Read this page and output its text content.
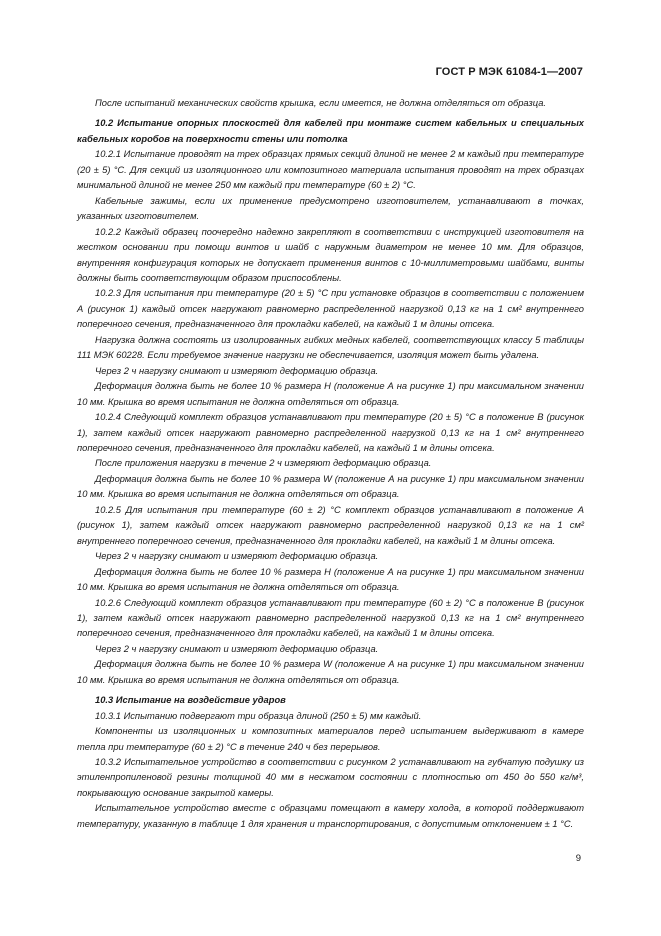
ГОСТ Р МЭК 61084-1—2007

После испытаний механических свойств крышка, если имеется, не должна отделяться от образца.

10.2 Испытание опорных плоскостей для кабелей при монтаже систем кабельных и специальных кабельных коробов на поверхности стены или потолка

10.2.1 Испытание проводят на трех образцах прямых секций длиной не менее 2 м каждый при температуре (20 ± 5) °С. Для секций из изоляционного или композитного материала испытания проводят на трех образцах минимальной длиной не менее 250 мм каждый при температуре (60 ± 2) °С.

Кабельные зажимы, если их применение предусмотрено изготовителем, устанавливают в точках, указанных изготовителем.

10.2.2 Каждый образец поочередно надежно закрепляют в соответствии с инструкцией изготовителя на жестком основании при помощи винтов и шайб с наружным диаметром не менее 10 мм. Для образцов, внутренняя конфигурация которых не допускает применения винтов с 10-миллиметровыми шайбами, винты должны быть соответствующим образом приспособлены.

10.2.3 Для испытания при температуре (20 ± 5) °С при установке образцов в соответствии с положением А (рисунок 1) каждый отсек нагружают равномерно распределенной нагрузкой 0,13 кг на 1 см² внутреннего поперечного сечения, предназначенного для прокладки кабелей, на каждый 1 м длины отсека.

Нагрузка должна состоять из изолированных гибких медных кабелей, соответствующих классу 5 таблицы 111 МЭК 60228. Если требуемое значение нагрузки не обеспечивается, изоляция может быть удалена.

Через 2 ч нагрузку снимают и измеряют деформацию образца.

Деформация должна быть не более 10 % размера Н (положение А на рисунке 1) при максимальном значении 10 мм. Крышка во время испытания не должна отделяться от образца.

10.2.4 Следующий комплект образцов устанавливают при температуре (20 ± 5) °С в положение В (рисунок 1), затем каждый отсек нагружают равномерно распределенной нагрузкой 0,13 кг на 1 см² внутреннего поперечного сечения, предназначенного для прокладки кабелей, на каждый 1 м длины отсека.

После приложения нагрузки в течение 2 ч измеряют деформацию образца.

Деформация должна быть не более 10 % размера W (положение А на рисунке 1) при максимальном значении 10 мм. Крышка во время испытания не должна отделяться от образца.

10.2.5 Для испытания при температуре (60 ± 2) °С комплект образцов устанавливают в положение А (рисунок 1), затем каждый отсек нагружают равномерно распределенной нагрузкой 0,13 кг на 1 см² внутреннего поперечного сечения, предназначенного для прокладки кабелей, на каждый 1 м длины отсека.

Через 2 ч нагрузку снимают и измеряют деформацию образца.

Деформация должна быть не более 10 % размера Н (положение А на рисунке 1) при максимальном значении 10 мм. Крышка во время испытания не должна отделяться от образца.

10.2.6 Следующий комплект образцов устанавливают при температуре (60 ± 2) °С в положение В (рисунок 1), затем каждый отсек нагружают равномерно распределенной нагрузкой 0,13 кг на 1 см² внутреннего поперечного сечения, предназначенного для прокладки кабелей, на каждый 1 м длины отсека.

Через 2 ч нагрузку снимают и измеряют деформацию образца.

Деформация должна быть не более 10 % размера W (положение А на рисунке 1) при максимальном значении 10 мм. Крышка во время испытания не должна отделяться от образца.

10.3 Испытание на воздействие ударов

10.3.1 Испытанию подвергают три образца длиной (250 ± 5) мм каждый.

Компоненты из изоляционных и композитных материалов перед испытанием выдерживают в камере тепла при температуре (60 ± 2) °С в течение 240 ч без перерывов.

10.3.2 Испытательное устройство в соответствии с рисунком 2 устанавливают на губчатую подушку из этиленпропиленовой резины толщиной 40 мм в несжатом состоянии с плотностью от 450 до 550 кг/м³, покрывающую основание закрытой камеры.

Испытательное устройство вместе с образцами помещают в камеру холода, в которой поддерживают температуру, указанную в таблице 1 для хранения и транспортирования, с допустимым отклонением ± 1 °С.

9
